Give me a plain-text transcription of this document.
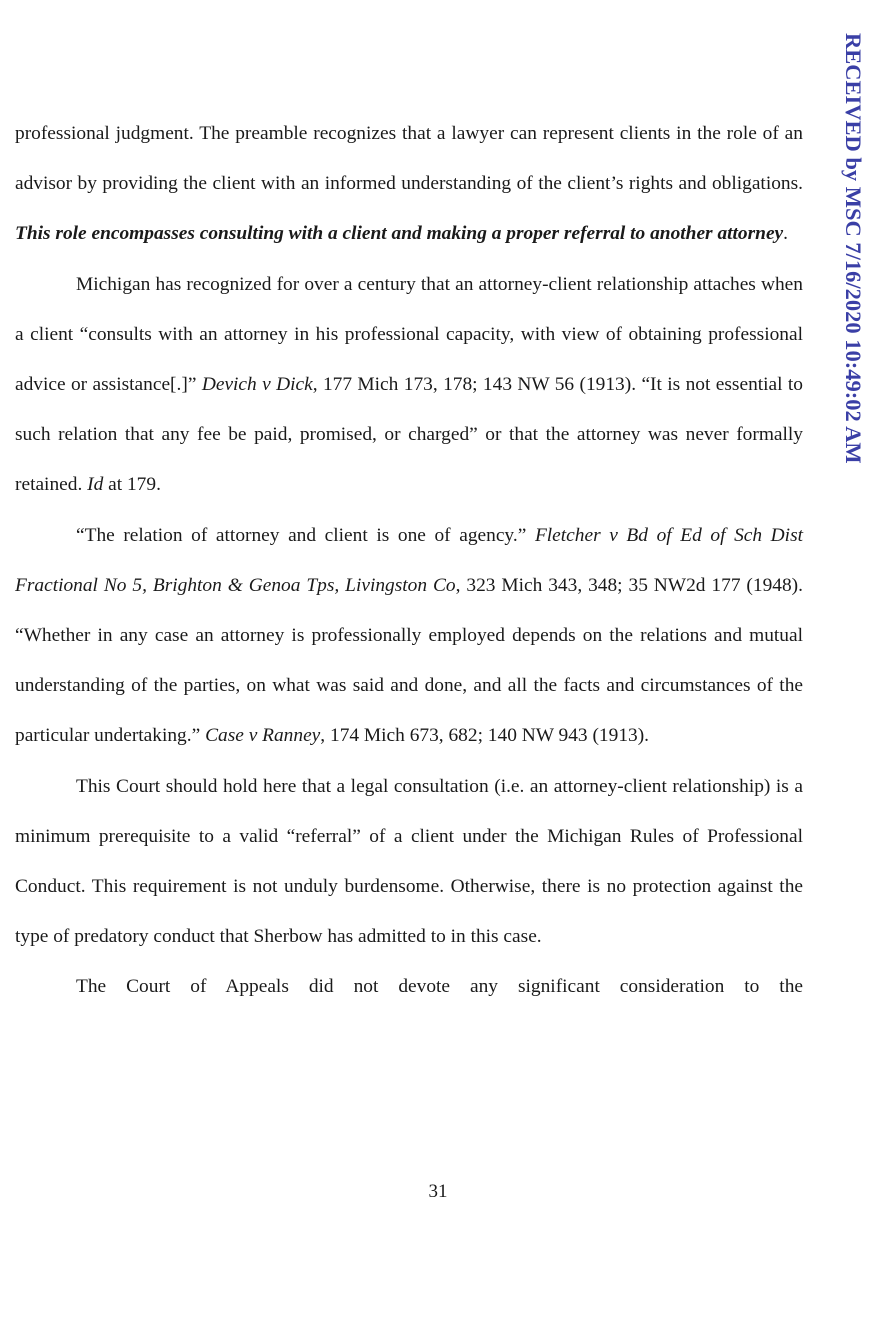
RECEIVED by MSC 7/16/2020 10:49:02 AM

professional judgment. The preamble recognizes that a lawyer can represent clients in the role of an advisor by providing the client with an informed understanding of the client’s rights and obligations. This role encompasses consulting with a client and making a proper referral to another attorney.

Michigan has recognized for over a century that an attorney-client relationship attaches when a client “consults with an attorney in his professional capacity, with view of obtaining professional advice or assistance[.]” Devich v Dick, 177 Mich 173, 178; 143 NW 56 (1913). “It is not essential to such relation that any fee be paid, promised, or charged” or that the attorney was never formally retained. Id at 179.

“The relation of attorney and client is one of agency.” Fletcher v Bd of Ed of Sch Dist Fractional No 5, Brighton & Genoa Tps, Livingston Co, 323 Mich 343, 348; 35 NW2d 177 (1948). “Whether in any case an attorney is professionally employed depends on the relations and mutual understanding of the parties, on what was said and done, and all the facts and circumstances of the particular undertaking.” Case v Ranney, 174 Mich 673, 682; 140 NW 943 (1913).

This Court should hold here that a legal consultation (i.e. an attorney-client relationship) is a minimum prerequisite to a valid “referral” of a client under the Michigan Rules of Professional Conduct. This requirement is not unduly burdensome. Otherwise, there is no protection against the type of predatory conduct that Sherbow has admitted to in this case.

The Court of Appeals did not devote any significant consideration to the

31
